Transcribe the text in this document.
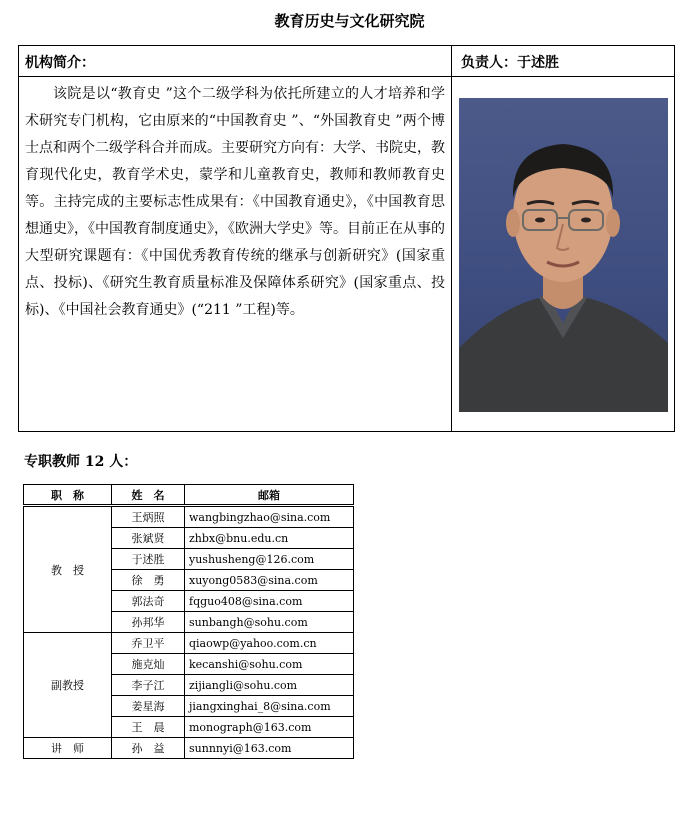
教育历史与文化研究院
机构简介：	负责人：于述胜
该院是以“教育史 ”这个二级学科为依托所建立的人才培养和学术研究专门机构，它由原来的“中国教育史 ”、“外国教育史 ”两个博士点和两个二级学科合并而成。主要研究方向有：大学、书院史，教育现代化史，教育学术史，蒙学和儿童教育史，教师和教师教育史等。主持完成的主要标志性成果有：《中国教育通史》，《中国教育思想通史》，《中国教育制度通史》，《欧洲大学史》等。目前正在从事的大型研究课题有：《中国优秀教育传统的继承与创新研究》(国家重点、投标)、《研究生教育质量标准及保障体系研究》(国家重点、投标)、《中国社会教育通史》(“211 ”工程)等。
专职教师 12 人：
职　称	姓　名	邮箱
教　授	王炳照	wangbingzhao@sina.com
	张斌贤	zhbx@bnu.edu.cn
	于述胜	yushusheng@126.com
	徐　勇	xuyong0583@sina.com
	郭法奇	fqguo408@sina.com
	孙邦华	sunbangh@sohu.com
副教授	乔卫平	qiaowp@yahoo.com.cn
	施克灿	kecanshi@sohu.com
	李子江	zijiangli@sohu.com
	姜星海	jiangxinghai_8@sina.com
	王　晨	monograph@163.com
讲　师	孙　益	sunnnyi@163.com
